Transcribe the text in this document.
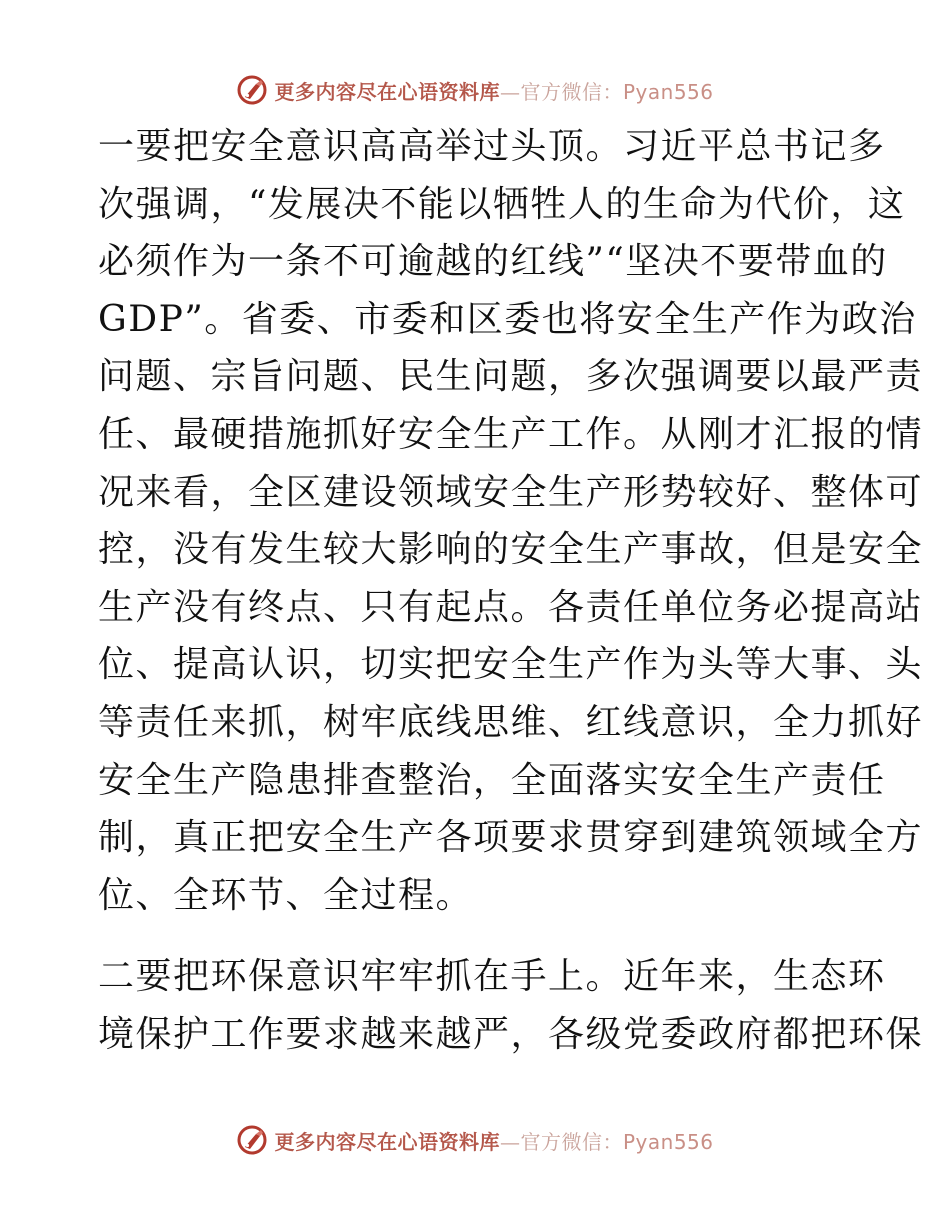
更多内容尽在心语资料库—官方微信：Pyan556
一要把安全意识高高举过头顶。习近平总书记多
次强调，“发展决不能以牺牲人的生命为代价，这
必须作为一条不可逾越的红线”“坚决不要带血的
GDP”。省委、市委和区委也将安全生产作为政治
问题、宗旨问题、民生问题，多次强调要以最严责
任、最硬措施抓好安全生产工作。从刚才汇报的情
况来看，全区建设领域安全生产形势较好、整体可
控，没有发生较大影响的安全生产事故，但是安全
生产没有终点、只有起点。各责任单位务必提高站
位、提高认识，切实把安全生产作为头等大事、头
等责任来抓，树牢底线思维、红线意识，全力抓好
安全生产隐患排查整治，全面落实安全生产责任
制，真正把安全生产各项要求贯穿到建筑领域全方
位、全环节、全过程。
二要把环保意识牢牢抓在手上。近年来，生态环
境保护工作要求越来越严，各级党委政府都把环保
更多内容尽在心语资料库—官方微信：Pyan556
